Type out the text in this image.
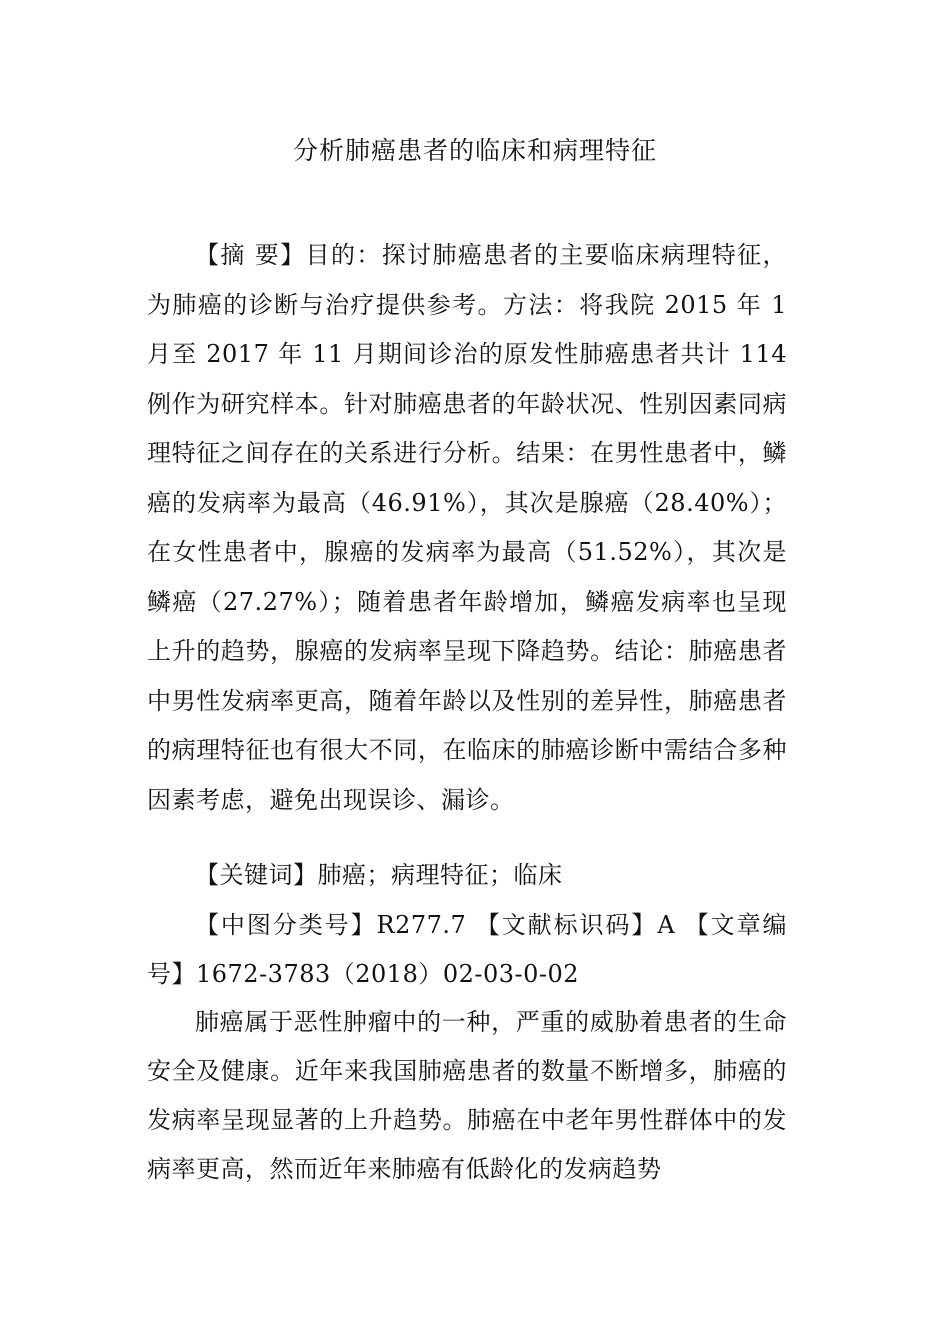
分析肺癌患者的临床和病理特征

【摘 要】目的：探讨肺癌患者的主要临床病理特征，为肺癌的诊断与治疗提供参考。方法：将我院 2015 年 1 月至 2017 年 11 月期间诊治的原发性肺癌患者共计 114 例作为研究样本。针对肺癌患者的年龄状况、性别因素同病理特征之间存在的关系进行分析。结果：在男性患者中，鳞癌的发病率为最高（46.91%），其次是腺癌（28.40%）；在女性患者中，腺癌的发病率为最高（51.52%），其次是鳞癌（27.27%）；随着患者年龄增加，鳞癌发病率也呈现上升的趋势，腺癌的发病率呈现下降趋势。结论：肺癌患者中男性发病率更高，随着年龄以及性别的差异性，肺癌患者的病理特征也有很大不同，在临床的肺癌诊断中需结合多种因素考虑，避免出现误诊、漏诊。

【关键词】肺癌；病理特征；临床

【中图分类号】R277.7 【文献标识码】A 【文章编号】1672-3783（2018）02-03-0-02

肺癌属于恶性肿瘤中的一种，严重的威胁着患者的生命安全及健康。近年来我国肺癌患者的数量不断增多，肺癌的发病率呈现显著的上升趋势。肺癌在中老年男性群体中的发病率更高，然而近年来肺癌有低龄化的发病趋势
